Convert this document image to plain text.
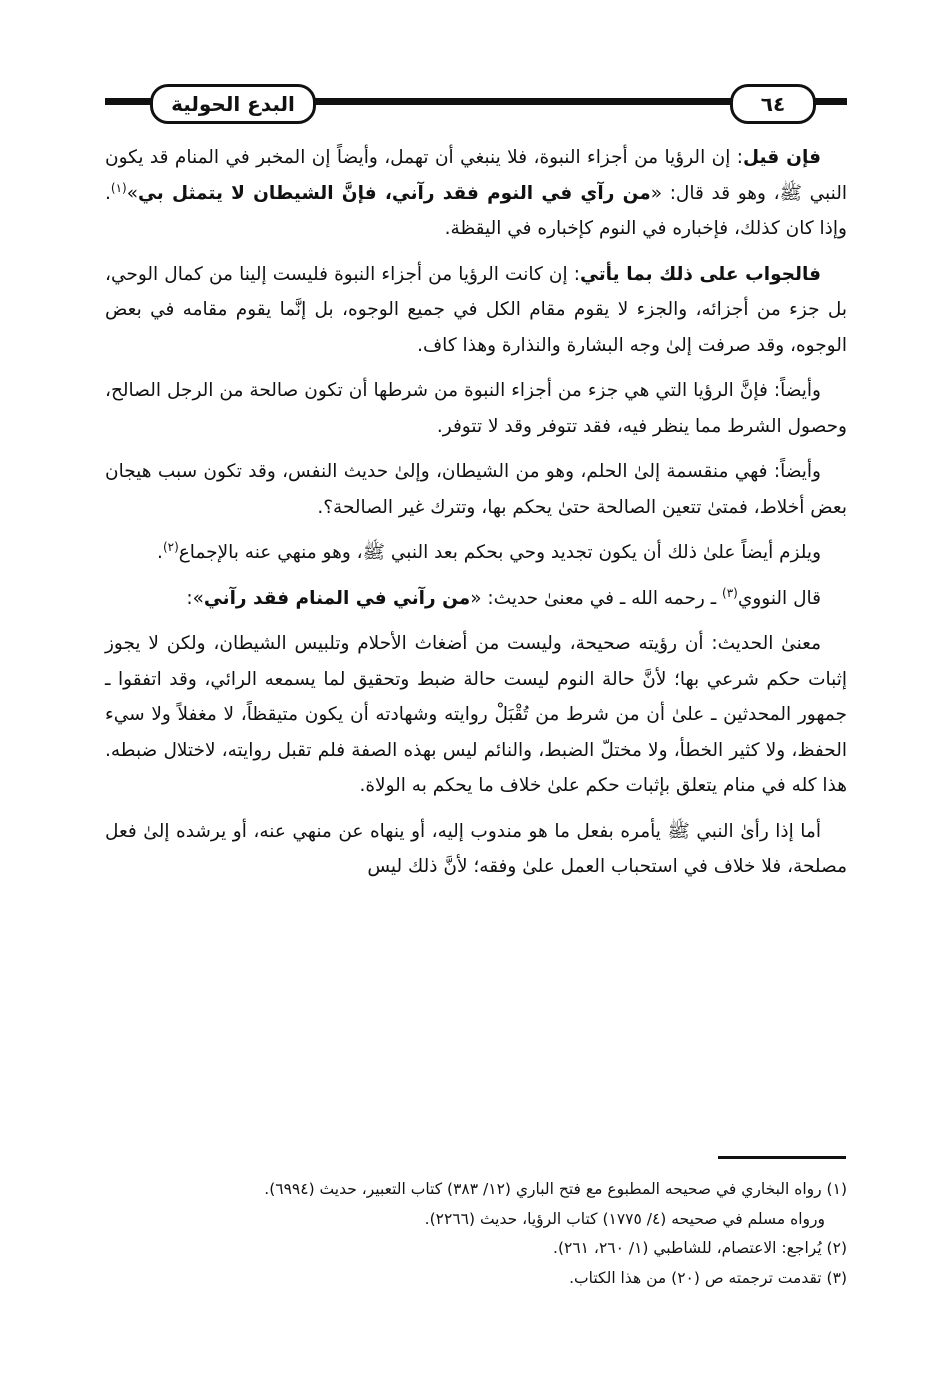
البدع الحولية	٦٤

فإن قيل: إن الرؤيا من أجزاء النبوة، فلا ينبغي أن تهمل، وأيضاً إن المخبر في المنام قد يكون النبي ﷺ، وهو قد قال: «من رآي في النوم فقد رآني، فإنَّ الشيطان لا يتمثل بي»$^{(١)}$. وإذا كان كذلك، فإخباره في النوم كإخباره في اليقظة.

فالجواب على ذلك بما يأتي: إن كانت الرؤيا من أجزاء النبوة فليست إلينا من كمال الوحي، بل جزء من أجزائه، والجزء لا يقوم مقام الكل في جميع الوجوه، بل إنَّما يقوم مقامه في بعض الوجوه، وقد صرفت إلىٰ وجه البشارة والنذارة وهذا كاف.

وأيضاً: فإنَّ الرؤيا التي هي جزء من أجزاء النبوة من شرطها أن تكون صالحة من الرجل الصالح، وحصول الشرط مما ينظر فيه، فقد تتوفر وقد لا تتوفر.

وأيضاً: فهي منقسمة إلىٰ الحلم، وهو من الشيطان، وإلىٰ حديث النفس، وقد تكون سبب هيجان بعض أخلاط، فمتىٰ تتعين الصالحة حتىٰ يحكم بها، وتترك غير الصالحة؟.

ويلزم أيضاً علىٰ ذلك أن يكون تجديد وحي بحكم بعد النبي ﷺ، وهو منهي عنه بالإجماع$^{(٢)}$.

قال النووي$^{(٣)}$ ـ رحمه الله ـ في معنىٰ حديث: «من رآني في المنام فقد رآني»:

معنىٰ الحديث: أن رؤيته صحيحة، وليست من أضغاث الأحلام وتلبيس الشيطان، ولكن لا يجوز إثبات حكم شرعي بها؛ لأنَّ حالة النوم ليست حالة ضبط وتحقيق لما يسمعه الرائي، وقد اتفقوا ـ جمهور المحدثين ـ علىٰ أن من شرط من تُقْبَلْ روايته وشهادته أن يكون متيقظاً، لا مغفلاً ولا سيء الحفظ، ولا كثير الخطأ، ولا مختلّ الضبط، والنائم ليس بهذه الصفة فلم تقبل روايته، لاختلال ضبطه. هذا كله في منام يتعلق بإثبات حكم علىٰ خلاف ما يحكم به الولاة.

أما إذا رأىٰ النبي ﷺ يأمره بفعل ما هو مندوب إليه، أو ينهاه عن منهي عنه، أو يرشده إلىٰ فعل مصلحة، فلا خلاف في استحباب العمل علىٰ وفقه؛ لأنَّ ذلك ليس

(١) رواه البخاري في صحيحه المطبوع مع فتح الباري (١٢/ ٣٨٣) كتاب التعبير، حديث (٦٩٩٤).
ورواه مسلم في صحيحه (٤/ ١٧٧٥) كتاب الرؤيا، حديث (٢٢٦٦).
(٢) يُراجع: الاعتصام، للشاطبي (١/ ٢٦٠، ٢٦١).
(٣) تقدمت ترجمته ص (٢٠) من هذا الكتاب.
